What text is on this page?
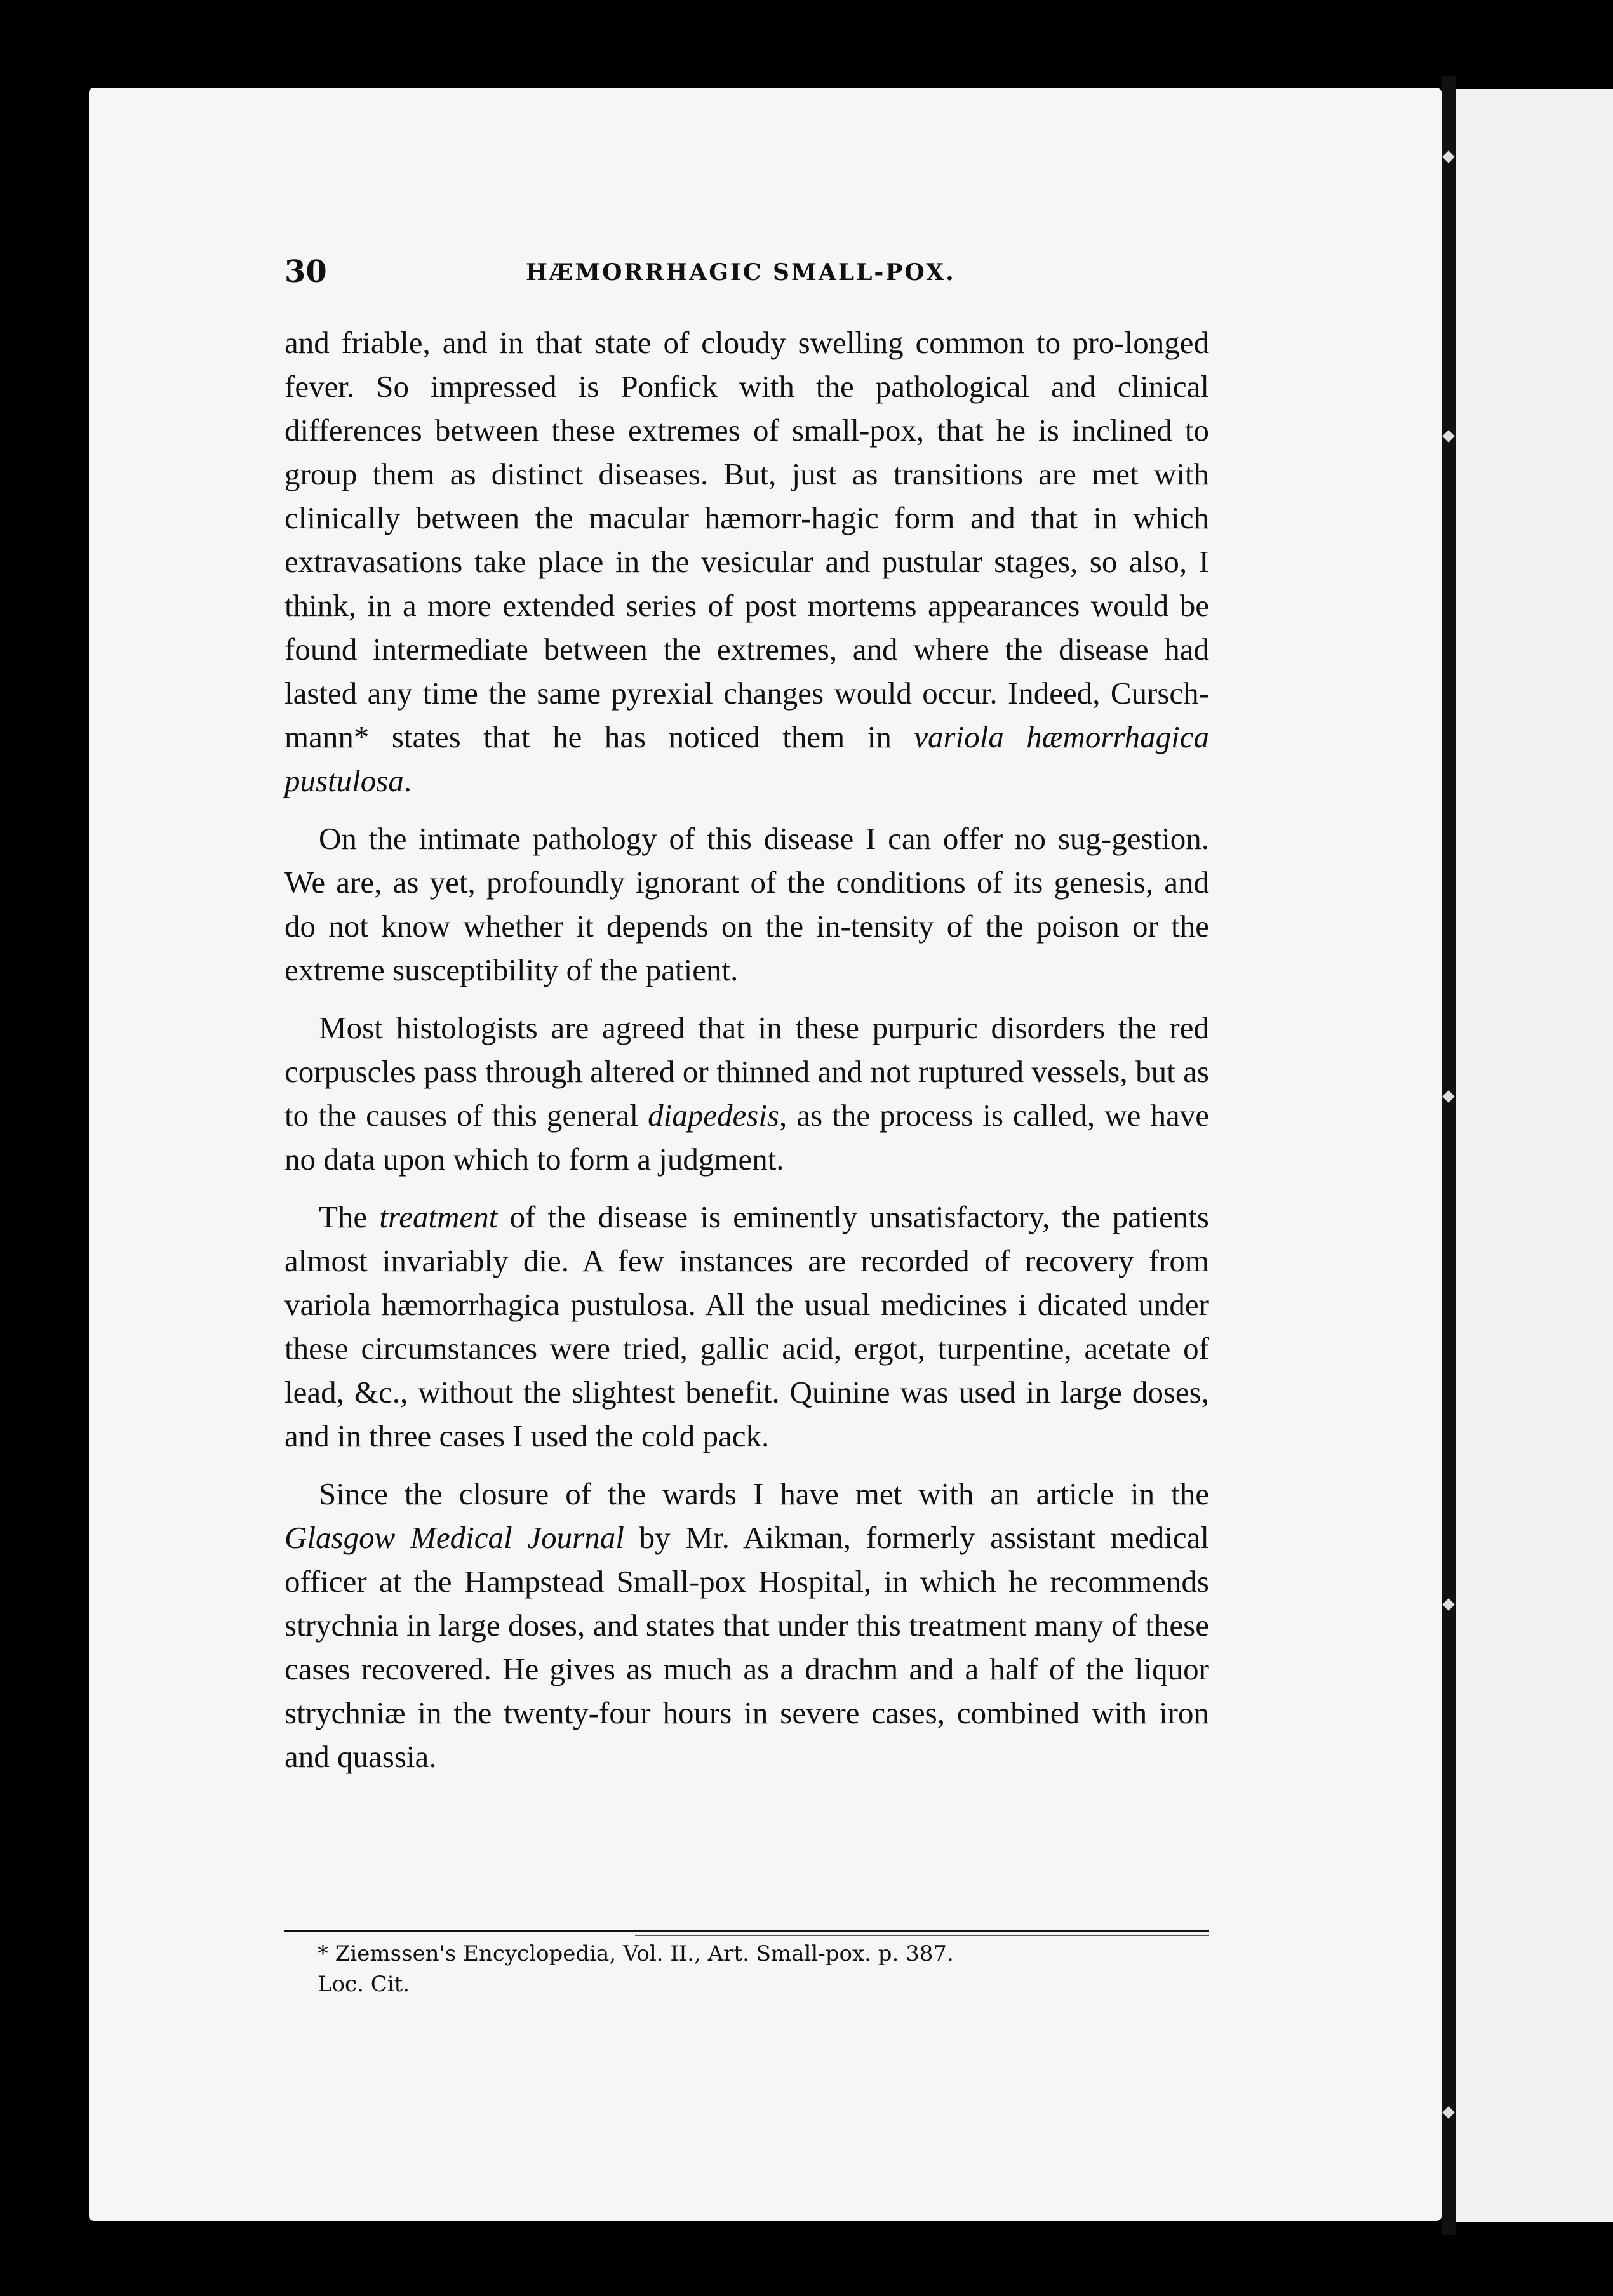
30	HÆMORRHAGIC SMALL-POX.

and friable, and in that state of cloudy swelling common to pro-longed fever. So impressed is Ponfick with the pathological and clinical differences between these extremes of small-pox, that he is inclined to group them as distinct diseases. But, just as transitions are met with clinically between the macular hæmorr-hagic form and that in which extravasations take place in the vesicular and pustular stages, so also, I think, in a more extended series of post mortems appearances would be found intermediate between the extremes, and where the disease had lasted any time the same pyrexial changes would occur. Indeed, Cursch-mann* states that he has noticed them in variola hæmorrhagica pustulosa.

On the intimate pathology of this disease I can offer no sug-gestion. We are, as yet, profoundly ignorant of the conditions of its genesis, and do not know whether it depends on the in-tensity of the poison or the extreme susceptibility of the patient.

Most histologists are agreed that in these purpuric disorders the red corpuscles pass through altered or thinned and not ruptured vessels, but as to the causes of this general diapedesis, as the process is called, we have no data upon which to form a judgment.

The treatment of the disease is eminently unsatisfactory, the patients almost invariably die. A few instances are recorded of recovery from variola hæmorrhagica pustulosa. All the usual medicines i dicated under these circumstances were tried, gallic acid, ergot, turpentine, acetate of lead, &c., without the slightest benefit. Quinine was used in large doses, and in three cases I used the cold pack.

Since the closure of the wards I have met with an article in the Glasgow Medical Journal by Mr. Aikman, formerly assistant medical officer at the Hampstead Small-pox Hospital, in which he recommends strychnia in large doses, and states that under this treatment many of these cases recovered. He gives as much as a drachm and a half of the liquor strychniæ in the twenty-four hours in severe cases, combined with iron and quassia.

* Ziemssen's Encyclopedia, Vol. II., Art. Small-pox. p. 387.
Loc. Cit.
